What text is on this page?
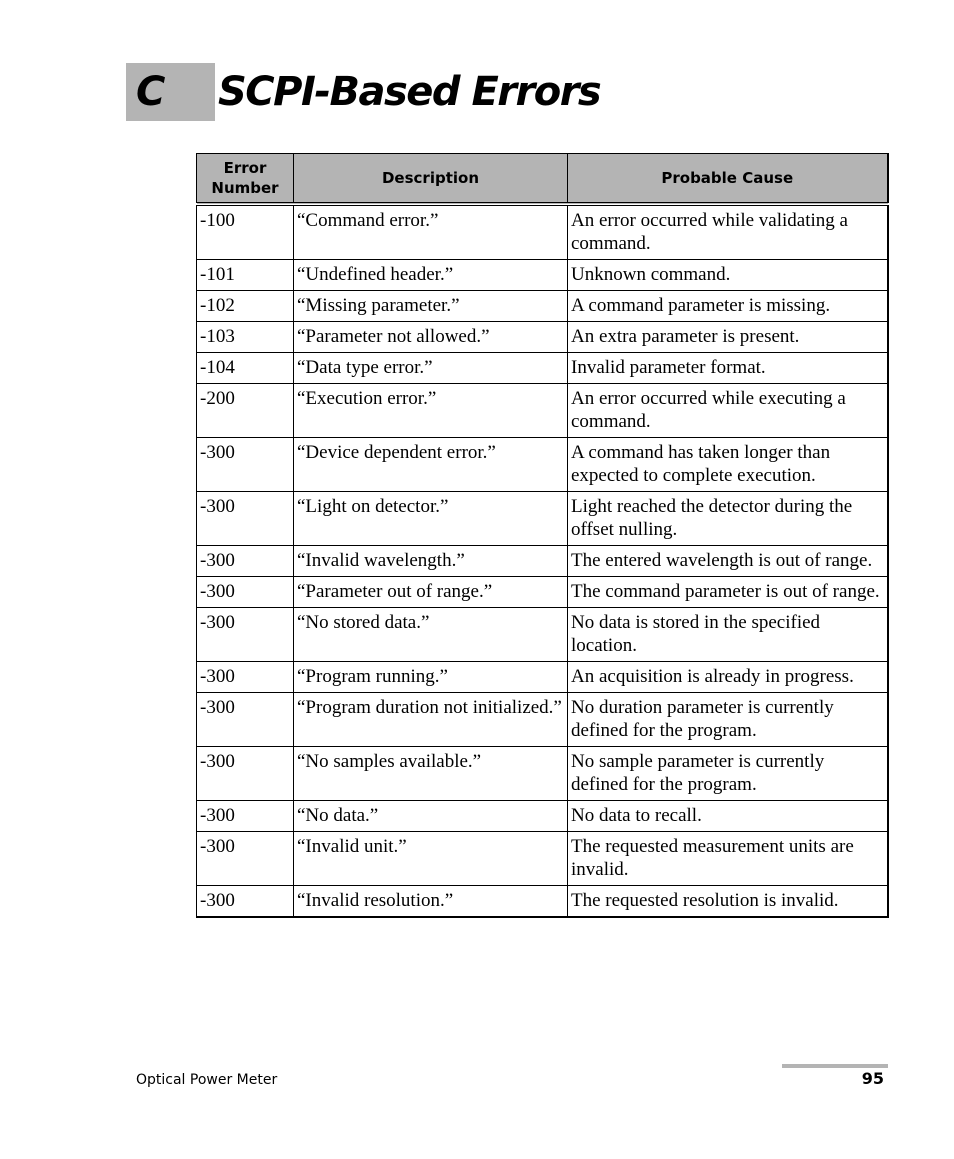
C SCPI-Based Errors
Error Number	Description	Probable Cause
-100	“Command error.”	An error occurred while validating a command.
-101	“Undefined header.”	Unknown command.
-102	“Missing parameter.”	A command parameter is missing.
-103	“Parameter not allowed.”	An extra parameter is present.
-104	“Data type error.”	Invalid parameter format.
-200	“Execution error.”	An error occurred while executing a command.
-300	“Device dependent error.”	A command has taken longer than expected to complete execution.
-300	“Light on detector.”	Light reached the detector during the offset nulling.
-300	“Invalid wavelength.”	The entered wavelength is out of range.
-300	“Parameter out of range.”	The command parameter is out of range.
-300	“No stored data.”	No data is stored in the specified location.
-300	“Program running.”	An acquisition is already in progress.
-300	“Program duration not initialized.”	No duration parameter is currently defined for the program.
-300	“No samples available.”	No sample parameter is currently defined for the program.
-300	“No data.”	No data to recall.
-300	“Invalid unit.”	The requested measurement units are invalid.
-300	“Invalid resolution.”	The requested resolution is invalid.
Optical Power Meter	95
